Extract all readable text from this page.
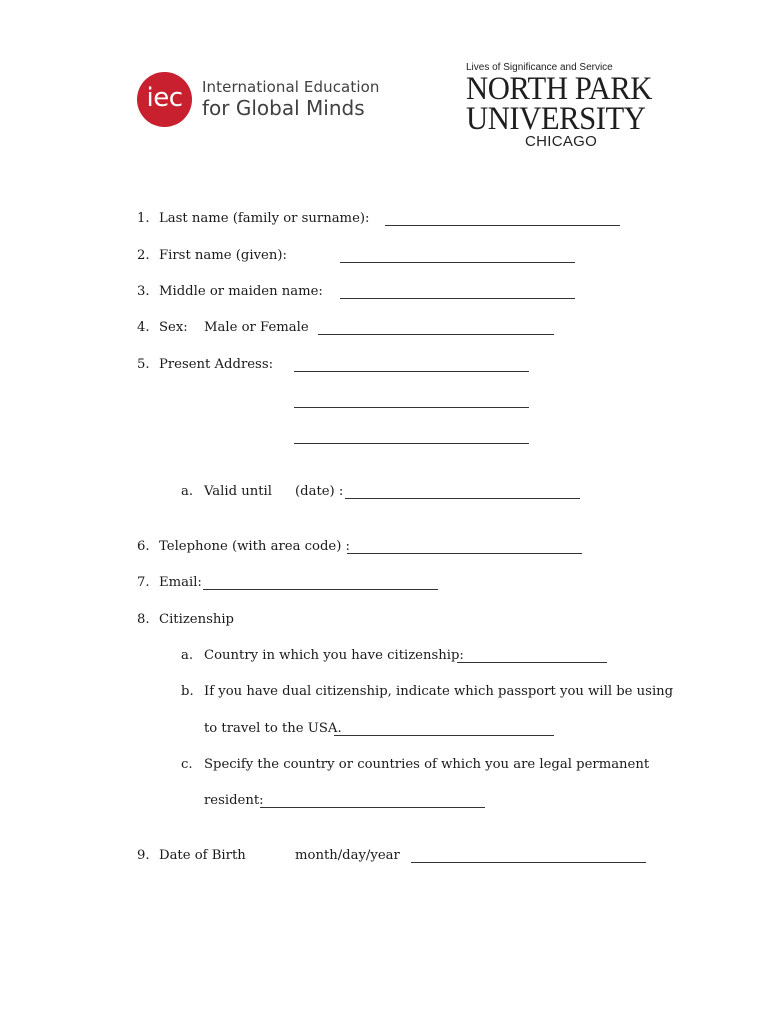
iec	International Education
for Global Minds
Lives of Significance and Service
NORTH PARK
UNIVERSITY
CHICAGO
1. Last name (family or surname):
2. First name (given):
3. Middle or maiden name:
4. Sex: Male or Female
5. Present Address:
a. Valid until (date) :
6. Telephone (with area code) :
7. Email:
8. Citizenship
a. Country in which you have citizenship:
b. If you have dual citizenship, indicate which passport you will be using
to travel to the USA.
c. Specify the country or countries of which you are legal permanent
resident:
9. Date of Birth	month/day/year
